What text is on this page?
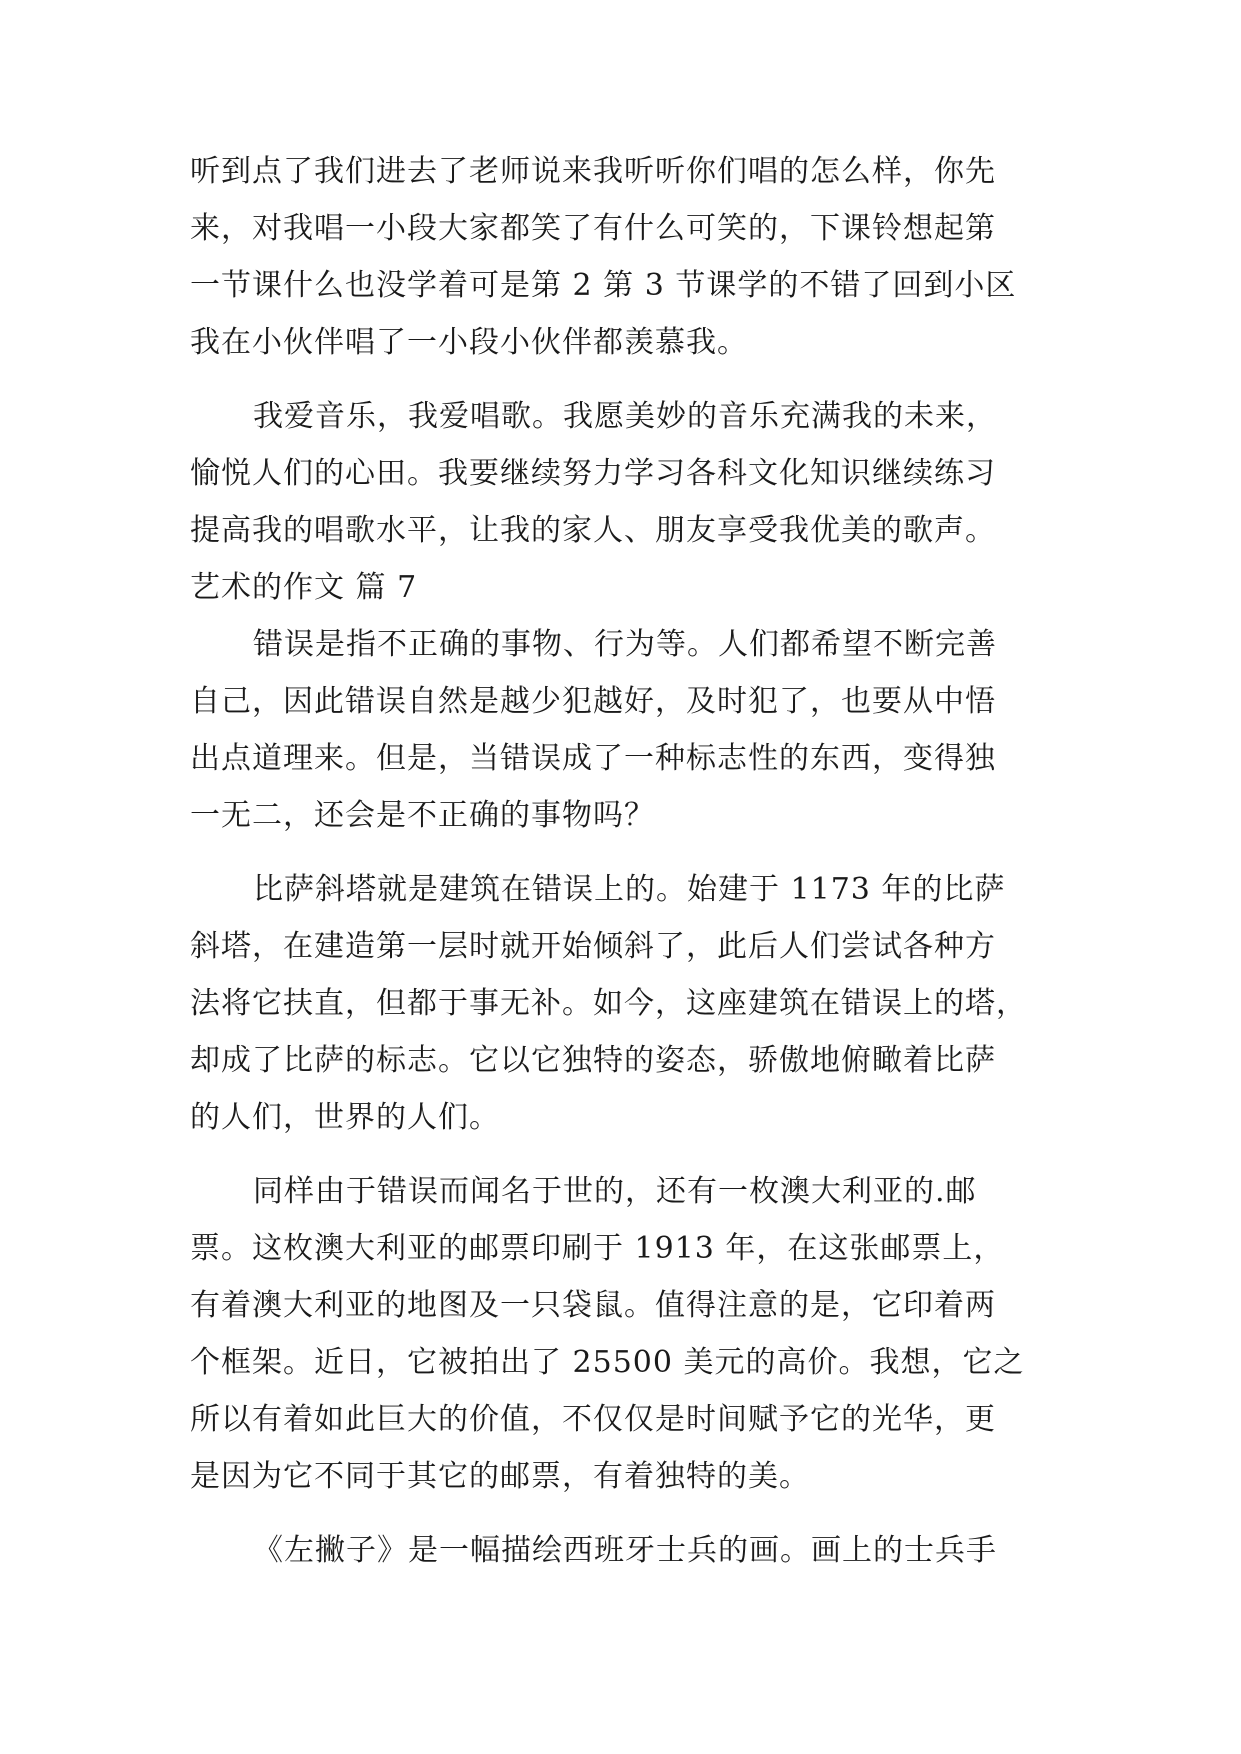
听到点了我们进去了老师说来我听听你们唱的怎么样，你先
来，对我唱一小段大家都笑了有什么可笑的，下课铃想起第
一节课什么也没学着可是第 2 第 3 节课学的不错了回到小区
我在小伙伴唱了一小段小伙伴都羡慕我。
我爱音乐，我爱唱歌。我愿美妙的音乐充满我的未来，
愉悦人们的心田。我要继续努力学习各科文化知识继续练习
提高我的唱歌水平，让我的家人、朋友享受我优美的歌声。
艺术的作文 篇 7
错误是指不正确的事物、行为等。人们都希望不断完善
自己，因此错误自然是越少犯越好，及时犯了，也要从中悟
出点道理来。但是，当错误成了一种标志性的东西，变得独
一无二，还会是不正确的事物吗？
比萨斜塔就是建筑在错误上的。始建于 1173 年的比萨
斜塔，在建造第一层时就开始倾斜了，此后人们尝试各种方
法将它扶直，但都于事无补。如今，这座建筑在错误上的塔，
却成了比萨的标志。它以它独特的姿态，骄傲地俯瞰着比萨
的人们，世界的人们。
同样由于错误而闻名于世的，还有一枚澳大利亚的.邮
票。这枚澳大利亚的邮票印刷于 1913 年，在这张邮票上，
有着澳大利亚的地图及一只袋鼠。值得注意的是，它印着两
个框架。近日，它被拍出了 25500 美元的高价。我想，它之
所以有着如此巨大的价值，不仅仅是时间赋予它的光华，更
是因为它不同于其它的邮票，有着独特的美。
《左撇子》是一幅描绘西班牙士兵的画。画上的士兵手
